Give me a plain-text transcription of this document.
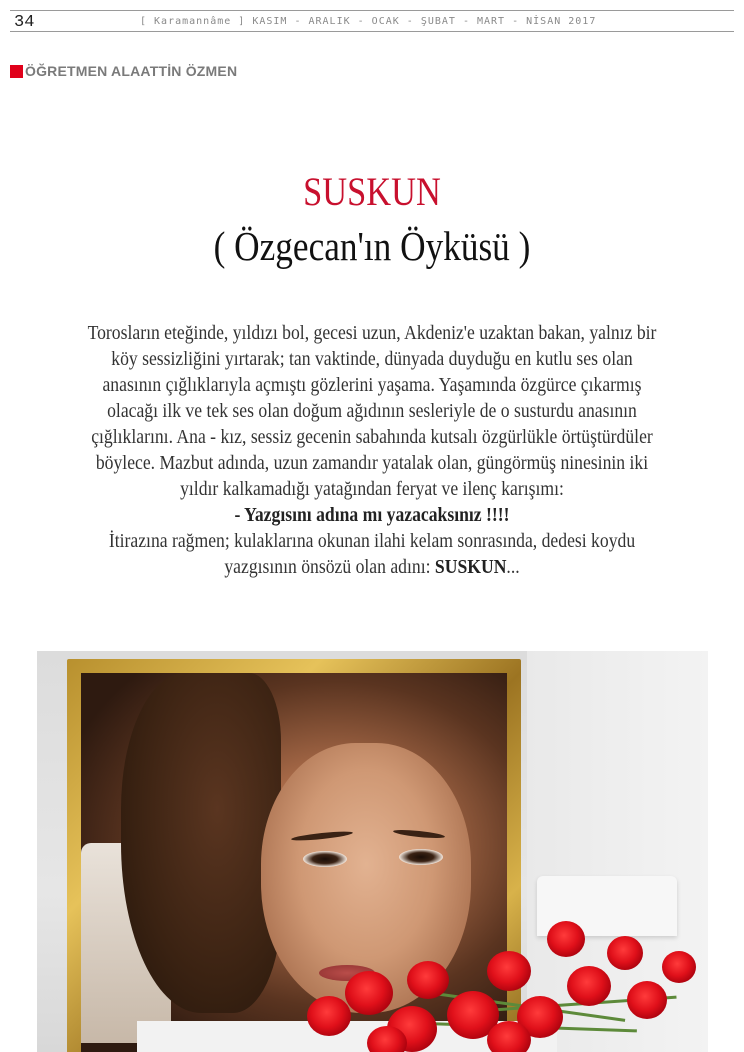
34	[ Karamannâme ] KASIM - ARALIK - OCAK - ŞUBAT - MART - NİSAN 2017
ÖĞRETMEN ALAATTİN ÖZMEN
SUSKUN
( Özgecan'ın Öyküsü )
Torosların eteğinde, yıldızı bol, gecesi uzun, Akdeniz'e uzaktan bakan, yalnız bir
köy sessizliğini yırtarak; tan vaktinde, dünyada duyduğu en kutlu ses olan
anasının çığlıklarıyla açmıştı gözlerini yaşama. Yaşamında özgürce çıkarmış
olacağı ilk ve tek ses olan doğum ağıdının sesleriyle de o susturdu anasının
çığlıklarını. Ana - kız, sessiz gecenin sabahında kutsalı özgürlükle örtüştürdüler
böylece. Mazbut adında, uzun zamandır yatalak olan, güngörmüş ninesinin iki
yıldır kalkamadığı yatağından feryat ve ilenç karışımı:
- Yazgısını adına mı yazacaksınız !!!!
İtirazına rağmen; kulaklarına okunan ilahi kelam sonrasında, dedesi koydu
yazgısının önsözü olan adını: SUSKUN...
